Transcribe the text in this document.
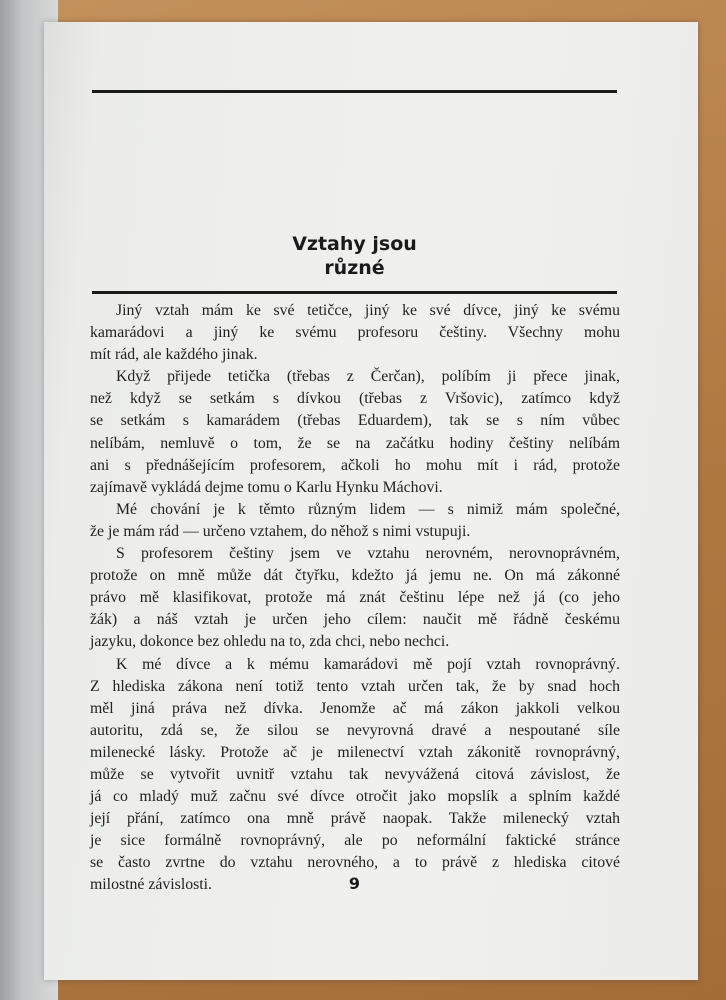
Vztahy jsou
různé
Jiný vztah mám ke své tetičce, jiný ke své dívce, jiný ke svému
kamarádovi a jiný ke svému profesoru češtiny. Všechny mohu
mít rád, ale každého jinak.
Když přijede tetička (třebas z Čerčan), políbím ji přece jinak,
než když se setkám s dívkou (třebas z Vršovic), zatímco když
se setkám s kamarádem (třebas Eduardem), tak se s ním vůbec
nelíbám, nemluvě o tom, že se na začátku hodiny češtiny nelíbám
ani s přednášejícím profesorem, ačkoli ho mohu mít i rád, protože
zajímavě vykládá dejme tomu o Karlu Hynku Máchovi.
Mé chování je k těmto různým lidem — s nimiž mám společné,
že je mám rád — určeno vztahem, do něhož s nimi vstupuji.
S profesorem češtiny jsem ve vztahu nerovném, nerovnoprávném,
protože on mně může dát čtyřku, kdežto já jemu ne. On má zákonné
právo mě klasifikovat, protože má znát češtinu lépe než já (co jeho
žák) a náš vztah je určen jeho cílem: naučit mě řádně českému
jazyku, dokonce bez ohledu na to, zda chci, nebo nechci.
K mé dívce a k mému kamarádovi mě pojí vztah rovnoprávný.
Z hlediska zákona není totiž tento vztah určen tak, že by snad hoch
měl jiná práva než dívka. Jenomže ač má zákon jakkoli velkou
autoritu, zdá se, že silou se nevyrovná dravé a nespoutané síle
milenecké lásky. Protože ač je milenectví vztah zákonitě rovnoprávný,
může se vytvořit uvnitř vztahu tak nevyvážená citová závislost, že
já co mladý muž začnu své dívce otročit jako mopslík a splním každé
její přání, zatímco ona mně právě naopak. Takže milenecký vztah
je sice formálně rovnoprávný, ale po neformální faktické stránce
se často zvrtne do vztahu nerovného, a to právě z hlediska citové
milostné závislosti.	9
